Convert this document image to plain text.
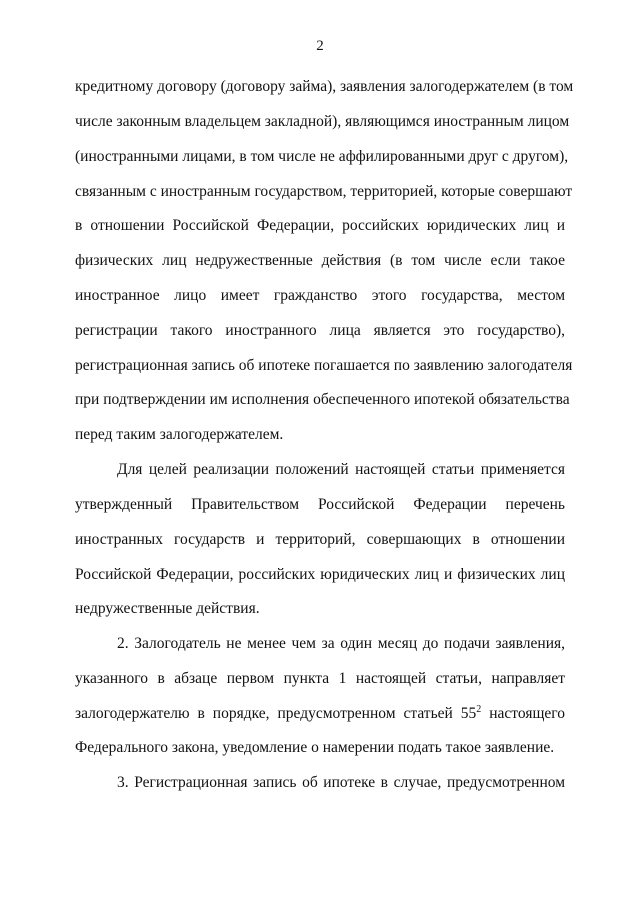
2
кредитному договору (договору займа), заявления залогодержателем (в том
числе законным владельцем закладной), являющимся иностранным лицом
(иностранными лицами, в том числе не аффилированными друг с другом),
связанным с иностранным государством, территорией, которые совершают
в отношении Российской Федерации, российских юридических лиц и
физических лиц недружественные действия (в том числе если такое
иностранное лицо имеет гражданство этого государства, местом
регистрации такого иностранного лица является это государство),
регистрационная запись об ипотеке погашается по заявлению залогодателя
при подтверждении им исполнения обеспеченного ипотекой обязательства
перед таким залогодержателем.
Для целей реализации положений настоящей статьи применяется
утвержденный Правительством Российской Федерации перечень
иностранных государств и территорий, совершающих в отношении
Российской Федерации, российских юридических лиц и физических лиц
недружественные действия.
2. Залогодатель не менее чем за один месяц до подачи заявления,
указанного в абзаце первом пункта 1 настоящей статьи, направляет
залогодержателю в порядке, предусмотренном статьей $55^2$ настоящего
Федерального закона, уведомление о намерении подать такое заявление.
3. Регистрационная запись об ипотеке в случае, предусмотренном
